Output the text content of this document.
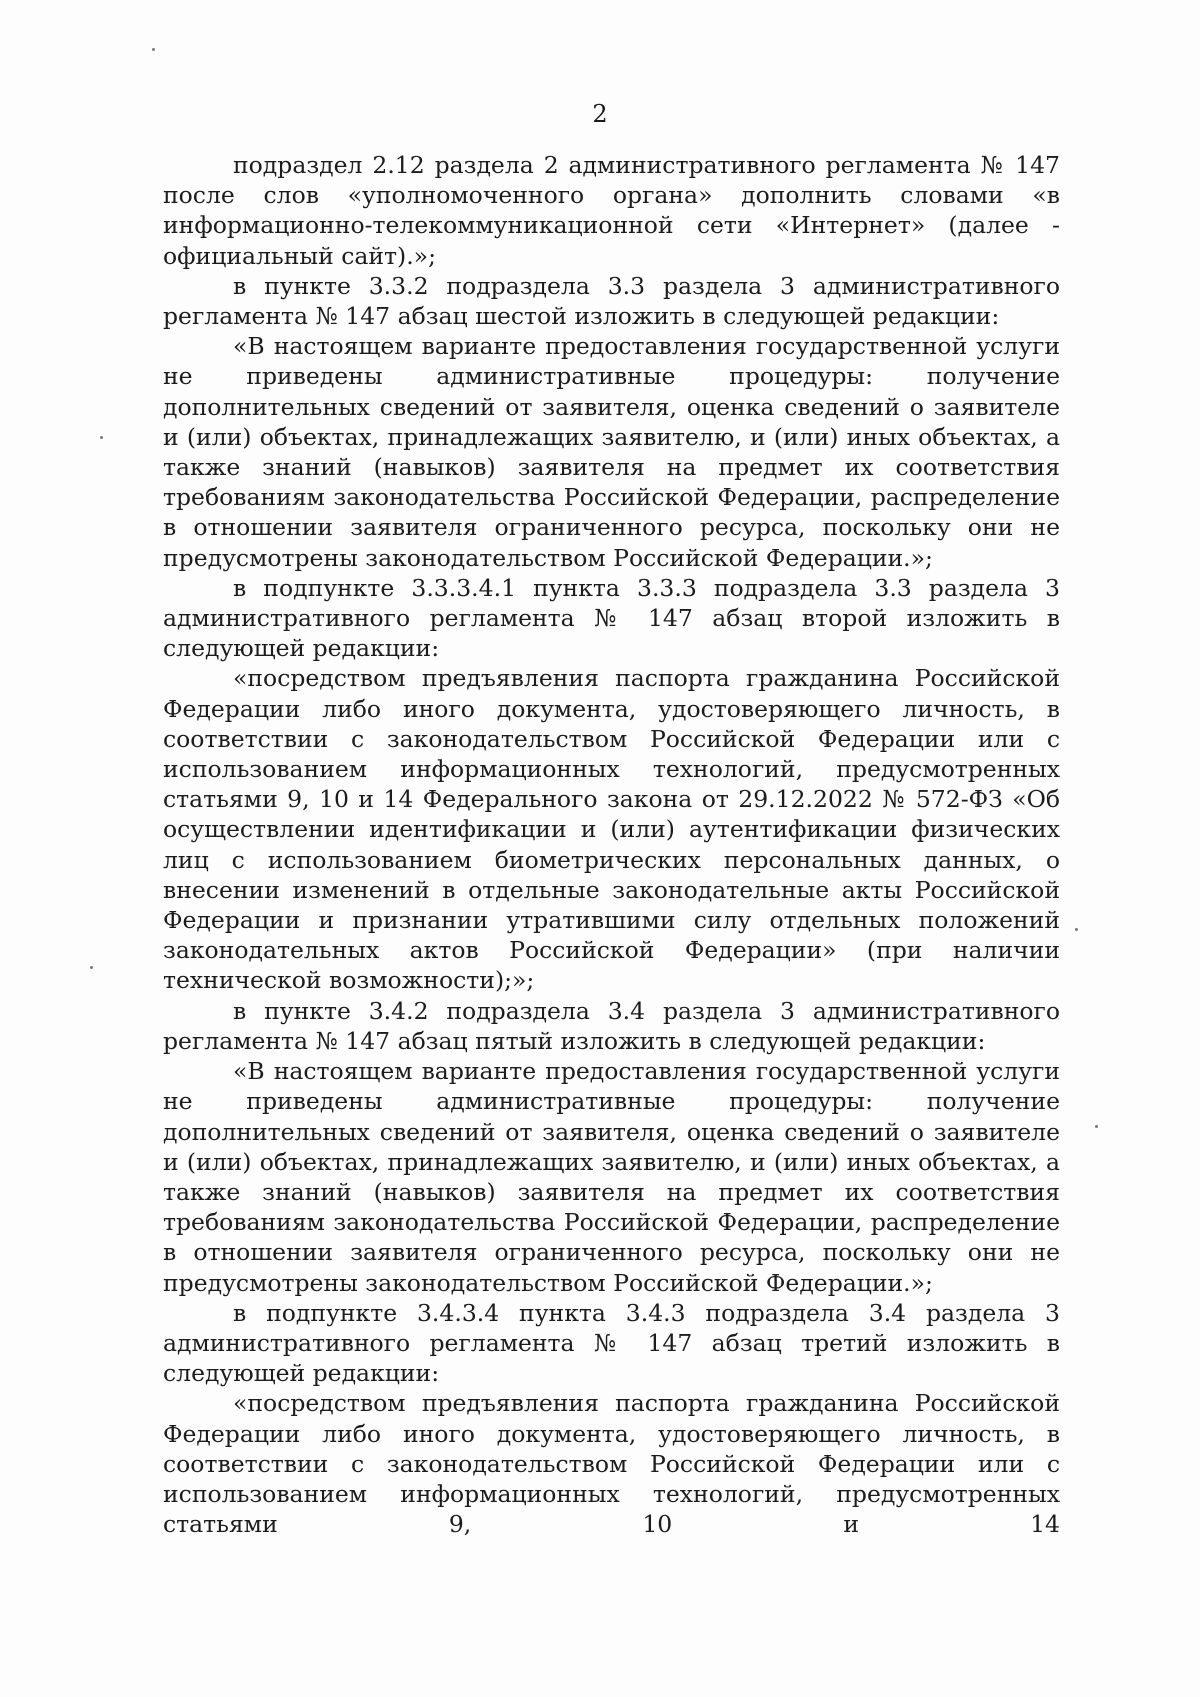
2

подраздел 2.12 раздела 2 административного регламента № 147 после слов «уполномоченного органа» дополнить словами «в информационно-телекоммуникационной сети «Интернет» (далее - официальный сайт).»;

в пункте 3.3.2 подраздела 3.3 раздела 3 административного регламента № 147 абзац шестой изложить в следующей редакции:

«В настоящем варианте предоставления государственной услуги не приведены административные процедуры: получение дополнительных сведений от заявителя, оценка сведений о заявителе и (или) объектах, принадлежащих заявителю, и (или) иных объектах, а также знаний (навыков) заявителя на предмет их соответствия требованиям законодательства Российской Федерации, распределение в отношении заявителя ограниченного ресурса, поскольку они не предусмотрены законодательством Российской Федерации.»;

в подпункте 3.3.3.4.1 пункта 3.3.3 подраздела 3.3 раздела 3 административного регламента № 147 абзац второй изложить в следующей редакции:

«посредством предъявления паспорта гражданина Российской Федерации либо иного документа, удостоверяющего личность, в соответствии с законодательством Российской Федерации или с использованием информационных технологий, предусмотренных статьями 9, 10 и 14 Федерального закона от 29.12.2022 № 572-ФЗ «Об осуществлении идентификации и (или) аутентификации физических лиц с использованием биометрических персональных данных, о внесении изменений в отдельные законодательные акты Российской Федерации и признании утратившими силу отдельных положений законодательных актов Российской Федерации» (при наличии технической возможности);»;

в пункте 3.4.2 подраздела 3.4 раздела 3 административного регламента № 147 абзац пятый изложить в следующей редакции:

«В настоящем варианте предоставления государственной услуги не приведены административные процедуры: получение дополнительных сведений от заявителя, оценка сведений о заявителе и (или) объектах, принадлежащих заявителю, и (или) иных объектах, а также знаний (навыков) заявителя на предмет их соответствия требованиям законодательства Российской Федерации, распределение в отношении заявителя ограниченного ресурса, поскольку они не предусмотрены законодательством Российской Федерации.»;

в подпункте 3.4.3.4 пункта 3.4.3 подраздела 3.4 раздела 3 административного регламента № 147 абзац третий изложить в следующей редакции:

«посредством предъявления паспорта гражданина Российской Федерации либо иного документа, удостоверяющего личность, в соответствии с законодательством Российской Федерации или с использованием информационных технологий, предусмотренных статьями 9, 10 и 14
